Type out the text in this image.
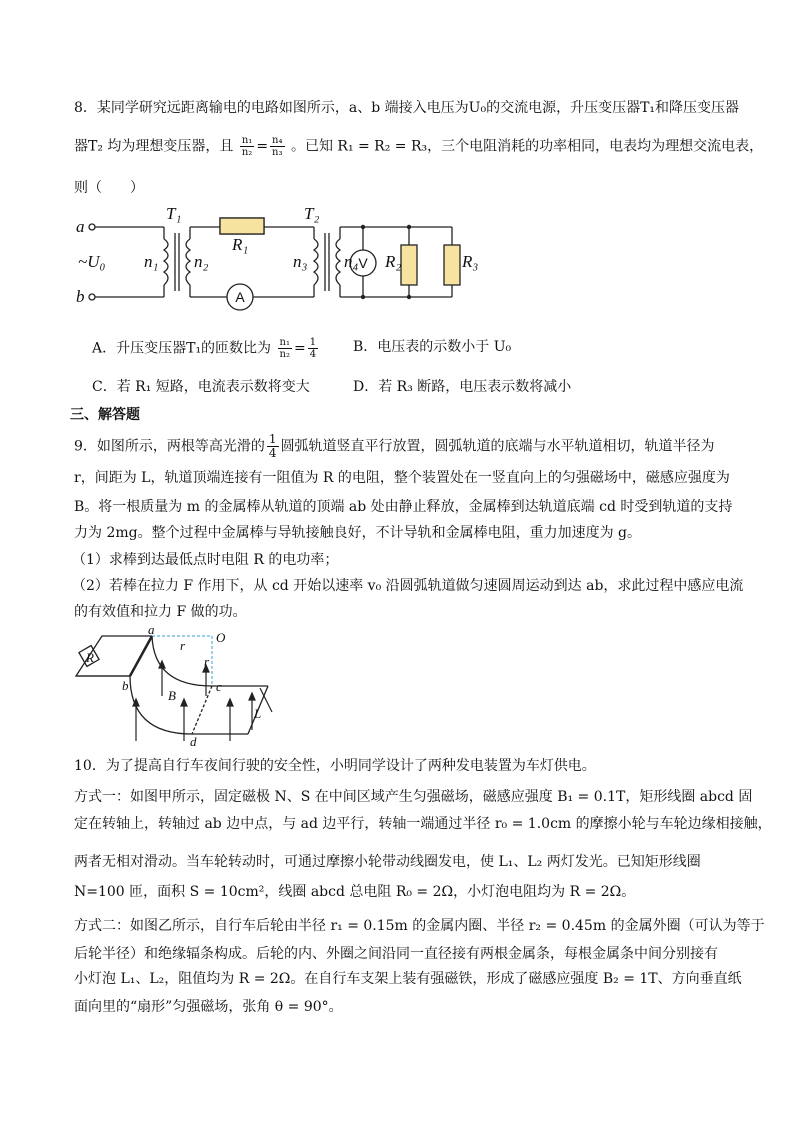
8．某同学研究远距离输电的电路如图所示，a、b 端接入电压为U₀的交流电源，升压变压器T₁和降压变压器
器T₂ 均为理想变压器，且 $\frac{\text{n₁}}{\text{n₂}} = \frac{\text{n₄}}{\text{n₃}}$ 。已知 R₁ = R₂ = R₃，三个电阻消耗的功率相同，电表均为理想交流电表，
则（　　）
a
b
~U₀ n₁ n₂	n₃ n₄
T₁	T₂
R₁
R₂	R₃
V
A
A．升压变压器T₁的匝数比为 $\frac{\text{n₁}}{\text{n₂}} = \frac{1}{4}$ B．电压表的示数小于 U₀
C．若 R₁ 短路，电流表示数将变大	D．若 R₃ 断路，电压表示数将减小
三、解答题
9．如图所示，两根等高光滑的 $\frac{1}{4}$ 圆弧轨道竖直平行放置，圆弧轨道的底端与水平轨道相切，轨道半径为
r，间距为 L，轨道顶端连接有一阻值为 R 的电阻，整个装置处在一竖直向上的匀强磁场中，磁感应强度为
B。将一根质量为 m 的金属棒从轨道的顶端 ab 处由静止释放，金属棒到达轨道底端 cd 时受到轨道的支持
力为 2mg。整个过程中金属棒与导轨接触良好，不计导轨和金属棒电阻，重力加速度为 g。
（1）求棒到达最低点时电阻 R 的电功率；
（2）若棒在拉力 F 作用下，从 cd 开始以速率 v₀ 沿圆弧轨道做匀速圆周运动到达 ab，求此过程中感应电流
的有效值和拉力 F 做的功。
a
b	c
d
O
r
r
R
B
L
10．为了提高自行车夜间行驶的安全性，小明同学设计了两种发电装置为车灯供电。
方式一：如图甲所示，固定磁极 N、S 在中间区域产生匀强磁场，磁感应强度 B₁ = 0.1T，矩形线圈 abcd 固
定在转轴上，转轴过 ab 边中点，与 ad 边平行，转轴一端通过半径 r₀ = 1.0cm 的摩擦小轮与车轮边缘相接触，
两者无相对滑动。当车轮转动时，可通过摩擦小轮带动线圈发电，使 L₁、L₂ 两灯发光。已知矩形线圈
N=100 匝，面积 S = 10cm²，线圈 abcd 总电阻 R₀ = 2Ω，小灯泡电阻均为 R = 2Ω。
方式二：如图乙所示，自行车后轮由半径 r₁ = 0.15m 的金属内圈、半径 r₂ = 0.45m 的金属外圈（可认为等于
后轮半径）和绝缘辐条构成。后轮的内、外圈之间沿同一直径接有两根金属条，每根金属条中间分别接有
小灯泡 L₁、L₂，阻值均为 R = 2Ω。在自行车支架上装有强磁铁，形成了磁感应强度 B₂ = 1T、方向垂直纸
面向里的“扇形”匀强磁场，张角 θ = 90°。
